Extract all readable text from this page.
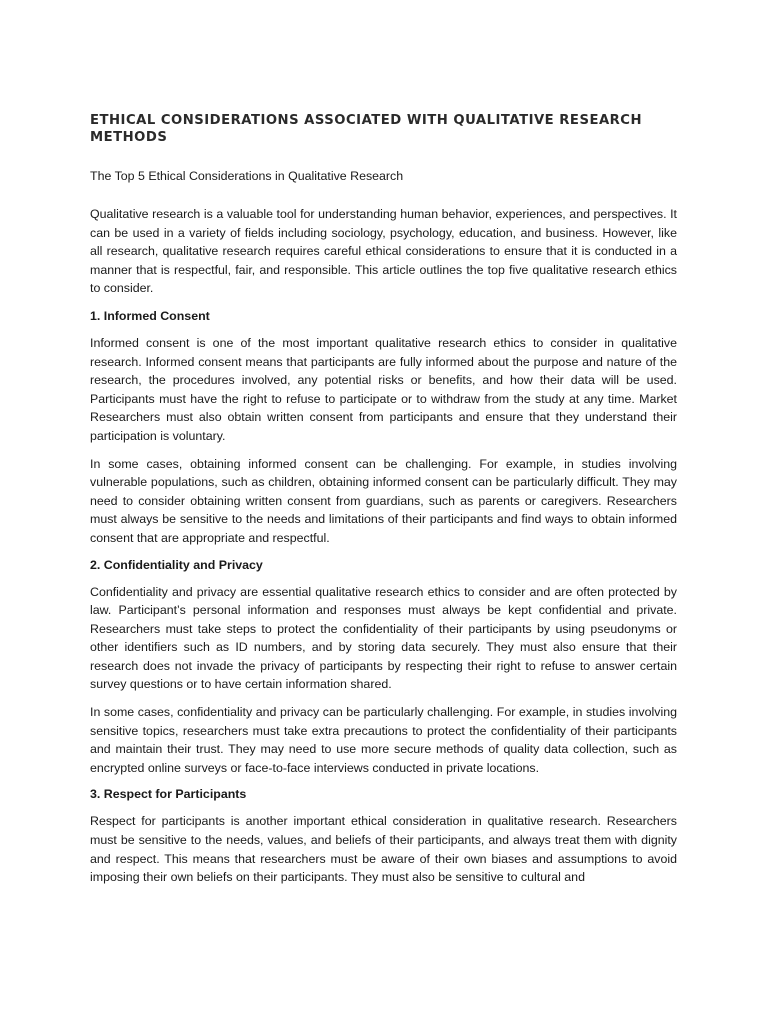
ETHICAL CONSIDERATIONS ASSOCIATED WITH QUALITATIVE RESEARCH METHODS
The Top 5 Ethical Considerations in Qualitative Research

Qualitative research is a valuable tool for understanding human behavior, experiences, and perspectives. It can be used in a variety of fields including sociology, psychology, education, and business. However, like all research, qualitative research requires careful ethical considerations to ensure that it is conducted in a manner that is respectful, fair, and responsible. This article outlines the top five qualitative research ethics to consider.

1. Informed Consent

Informed consent is one of the most important qualitative research ethics to consider in qualitative research. Informed consent means that participants are fully informed about the purpose and nature of the research, the procedures involved, any potential risks or benefits, and how their data will be used. Participants must have the right to refuse to participate or to withdraw from the study at any time. Market Researchers must also obtain written consent from participants and ensure that they understand their participation is voluntary.

In some cases, obtaining informed consent can be challenging. For example, in studies involving vulnerable populations, such as children, obtaining informed consent can be particularly difficult. They may need to consider obtaining written consent from guardians, such as parents or caregivers. Researchers must always be sensitive to the needs and limitations of their participants and find ways to obtain informed consent that are appropriate and respectful.

2. Confidentiality and Privacy

Confidentiality and privacy are essential qualitative research ethics to consider and are often protected by law. Participant’s personal information and responses must always be kept confidential and private. Researchers must take steps to protect the confidentiality of their participants by using pseudonyms or other identifiers such as ID numbers, and by storing data securely. They must also ensure that their research does not invade the privacy of participants by respecting their right to refuse to answer certain survey questions or to have certain information shared.

In some cases, confidentiality and privacy can be particularly challenging. For example, in studies involving sensitive topics, researchers must take extra precautions to protect the confidentiality of their participants and maintain their trust. They may need to use more secure methods of quality data collection, such as encrypted online surveys or face-to-face interviews conducted in private locations.

3. Respect for Participants

Respect for participants is another important ethical consideration in qualitative research. Researchers must be sensitive to the needs, values, and beliefs of their participants, and always treat them with dignity and respect. This means that researchers must be aware of their own biases and assumptions to avoid imposing their own beliefs on their participants. They must also be sensitive to cultural and
